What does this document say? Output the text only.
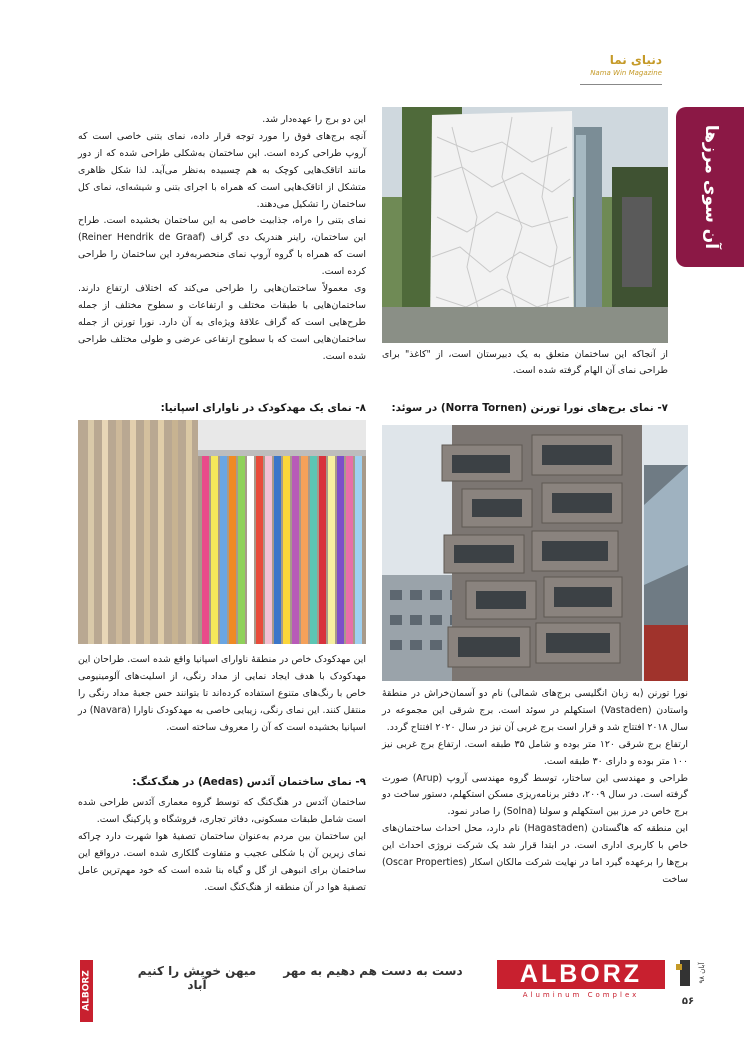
دنیای نما
Nama Win Magazine
آن سوی مرزها

این دو برج را عهده‌دار شد.

آنچه برج‌های فوق را مورد توجه قرار داده، نمای بتنی خاصی است که آروپ طراحی کرده است. این ساختمان به‌شکلی طراحی شده که از دور مانند اتاقک‌هایی کوچک به هم چسبیده به‌نظر می‌آید. لذا شکل ظاهری متشکل از اتاقک‌هایی است که همراه با اجرای بتنی و شیشه‌ای، نمای کل ساختمان را تشکیل می‌دهند.

نمای بتنی را ه‌راه، جذابیت خاصی به این ساختمان بخشیده است. طراح این ساختمان، راینر هندریک دی گراف (Reiner Hendrik de Graaf) است که همراه با گروه آروپ نمای منحصربه‌فرد این ساختمان را طراحی کرده است.

وی معمولاً ساختمان‌هایی را طراحی می‌کند که اختلاف ارتفاع دارند. ساختمان‌هایی با طبقات مختلف و ارتفاعات و سطوح مختلف از جمله طرح‌هایی است که گراف علاقهٔ ویژه‌ای به آن دارد. نورا تورنن از جمله ساختمان‌هایی است که با سطوح ارتفاعی عرضی و طولی مختلف طراحی شده است. از آنجاکه این ساختمان متعلق به یک دبیرستان است، از "کاغذ" برای طراحی نمای آن الهام گرفته شده است.
۸- نمای یک مهدکودک در ناوارای اسپانیا:	۷- نمای برج‌های نورا تورنن (Norra Tornen) در سوئد:

این مهدکودک خاص در منطقهٔ ناوارای اسپانیا واقع شده است. طراحان این مهدکودک با هدف ایجاد نمایی از مداد رنگی، از اسلیت‌های آلومینیومی خاص با رنگ‌های متنوع استفاده کرده‌اند تا بتوانند حس جعبهٔ مداد رنگی را منتقل کنند. این نمای رنگی، زیبایی خاصی به مهدکودک ناوارا (Navara) در اسپانیا بخشیده است که آن را معروف ساخته است.

۹- نمای ساختمان آئدس (Aedas) در هنگ‌کنگ:

ساختمان آئدس در هنگ‌کنگ که توسط گروه معماری آئدس طراحی شده است شامل طبقات مسکونی، دفاتر تجاری، فروشگاه و پارکینگ است.

این ساختمان بین مردم به‌عنوان ساختمان تصفیهٔ هوا شهرت دارد چراکه نمای زیرین آن با شکلی عجیب و متفاوت گلکاری شده است. درواقع این ساختمان برای انبوهی از گل و گیاه بنا شده است که خود مهم‌ترین عامل تصفیهٔ هوا در آن منطقه از هنگ‌کنگ است.

نورا تورنن (به زبان انگلیسی برج‌های شمالی) نام دو آسمان‌خراش در منطقهٔ واستادن (Vastaden) استکهلم در سوئد است. برج شرقی این مجموعه در سال ۲۰۱۸ افتتاح شد و قرار است برج غربی آن نیز در سال ۲۰۲۰ افتتاح گردد.

ارتفاع برج شرقی ۱۲۰ متر بوده و شامل ۳۵ طبقه است. ارتفاع برج غربی نیز ۱۰۰ متر بوده و دارای ۳۰ طبقه است.

طراحی و مهندسی این ساختار، توسط گروه مهندسی آروپ (Arup) صورت گرفته است. در سال ۲۰۰۹، دفتر برنامه‌ریزی مسکن استکهلم، دستور ساخت دو برج خاص در مرز بین استکهلم و سولنا (Solna) را صادر نمود.

این منطقه که هاگستادن (Hagastaden) نام دارد، محل احداث ساختمان‌های خاص با کاربری اداری است. در ابتدا قرار شد یک شرکت نروژی احداث این برج‌ها را برعهده گیرد اما در نهایت شرکت مالکان اسکار (Oscar Properties) ساخت

ALBORZ	میهن خویش را کنیم آباد
دست به دست هم دهیم به مهر	ALBORZ
Aluminum Complex
آبان ۹۸
۵۶
